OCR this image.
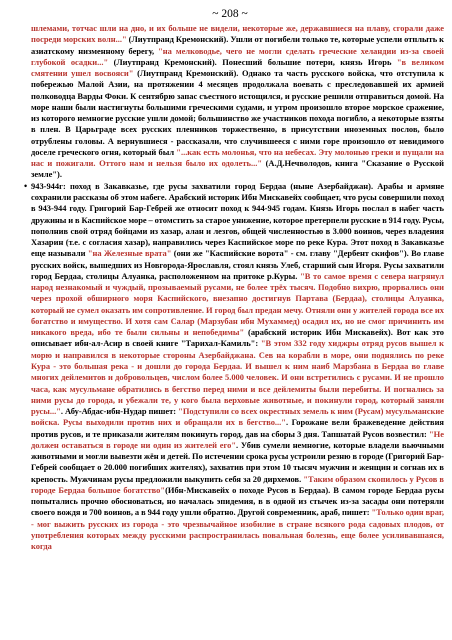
~ 208 ~

шлемами, тотчас шли на дно, и их больше не видели, некоторые же, державшиеся на плаву, сгорали даже посреди морских волн..." (Лиутпранд Кремонский). Ушли от погибели только те, которые успели отплыть к азиатскому низменному берегу, "на мелководье, чего не могли сделать греческие хеландии из-за своей глубокой осадки..." (Лиутпранд Кремонский). Понесший большие потери, князь Игорь "в великом смятении ушел восвояси" (Лиутпранд Кремонский). Однако та часть русского войска, что отступила к побережью Малой Азии, на протяжении 4 месяцев продолжала воевать с преследовавшей их армией полководца Варды Фоки. К сентябрю запас съестного истощился, и русские решили отправиться домой. На море наши были настигнуты большими греческими судами, и утром произошло второе морское сражение, из которого немногие русские ушли домой; большинство же участников похода погибло, а некоторые взяты в плен. В Царьграде всех русских пленников торжественно, в присутствии иноземных послов, было отрублены головы. А вернувшиеся - рассказали, что случившееся с ними горе произошло от невидимого доселе греческого огня, который был "...как есть молонья, что на небесах. Эту молонью греки и пущали на нас и пожигали. Оттого нам и нельзя было их одолеть..." (А.Д.Нечволодов, книга "Сказание о Русской земле").

• 943-944г: поход в Закавказье, где русы захватили город Бердаа (ныне Азербайджан). Арабы и армяне сохранили рассказы об этом набеге. Арабский историк Ибн Мискавейх сообщает, что русы совершили поход в 943-944 году. Григорий Бар-Гебрей же относит поход к 944-945 годам. Князь Игорь послал в набег часть дружины и в Каспийское море – отомстить за старое унижение, которое претерпели русские в 914 году. Русы, пополнив свой отряд бойцами из хазар, алан и лезгов, общей численностью в 3.000 воинов, через владения Хазарин (т.е. с согласия хазар), направились через Каспийское море по реке Кура. Этот поход в Закавказье еще называли "на Железные врата" (они же "Каспийские ворота" - см. главу "Дербент скифов"). Во главе русских войск, вышедших из Новгорода-Ярославля, стоял князь Улеб, старший сын Игоря. Русы захватили город Бердаа, столицы Алуанка, расположенном на притоке р.Куры. "В то самое время с севера нагрянул народ незнакомый и чуждый, прозываемый русами, не более трёх тысяч. Подобно вихрю, прорвались они через прохой обширного моря Каспийского, внезапно достигнув Партава (Бердаа), столицы Алуанка, который не сумел оказать им сопротивление. И город был предан мечу. Отняли они у жителей города все их богатство и имущество. И хотя сам Салар (Марзубан ибн Мухаммед) осадил их, но не смог причинить им никакого вреда, ибо те были сильны и непобедимы" (арабский историк Ибн Мискавейх). Вот как это описывает ибн-ал-Асир в своей книге "Тарихал-Камиль": "В этом 332 году хиджры отряд русов вышел к морю и направился в некоторые стороны Азербайджана. Сев на корабли в море, они поднялись по реке Кура - это большая река - и дошли до города Бердаа. И вышел к ним наиб Марзбана в Бердаа во главе многих дейлемитов и добровольцев, числом более 5.000 человек. И они встретились с русами. И не прошло часа, как мусульмане обратились в бегство перед ними и все дейлемиты были перебиты. И погнались за ними русы до города, и убежали те, у кого была верховые животные, и покинули город, который заняли русы...". Абу-Абдас-ибн-Нудар пишет: "Подступили со всех окрестных земель к ним (Русам) мусульманские войска. Русы выходили против них и обращали их в бегство...". Горожане вели бражеведение действия против русов, и те приказали жителям покинуть город, дав на сборы 3 дня. Тапшатай Русов возвестил: "Не должен оставаться в городе ни один из жителей его". Убив сумели немногие, которые владели вьючными животными и могли вывезти жён и детей. По истечении срока русы устроили резню в городе (Григорий Бар-Гебрей сообщает о 20.000 погибших жителях), захватив при этом 10 тысяч мужчин и женщин и согнав их в крепость. Мужчинам русы предложили выкупить себя за 20 дирхемов. "Таким образом скопилось у Русов в городе Бердаа большое богатство"(Ибн-Мискавейх о походе Русов в Бердаа). В самом городе Бердаа русы попытались прочно обосноваться, но началась эпидемия, в в одной из стычек из-за засады они потеряли своего вождя и 700 воинов, а в 944 году ушли обратно. Другой современник, араб, пишет: "Только один враг, - мог выжить русских из города - это чрезвычайное изобилие в стране всякого рода садовых плодов, от употребления которых между русскими распространилась повальная болезнь, еще более усиливавшаяся, когда
